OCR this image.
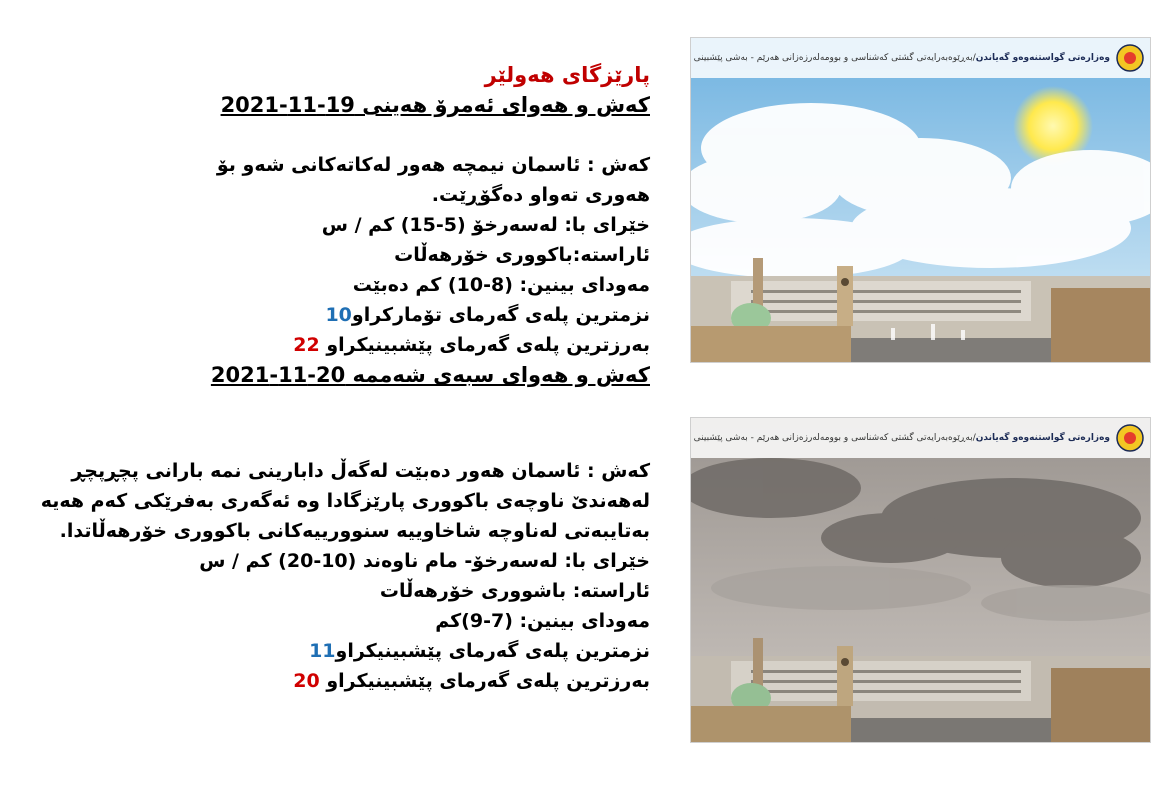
پارێزگای هەولێر
کەش و هەوای ئەمرۆ هەینی 19-11-2021
کەش : ئاسمان نیمچە هەور لەکاتەکانی شەو بۆ
هەوری تەواو دەگۆڕێت.
خێرای با: لەسەرخۆ (5-15) کم / س
ئاراستە:باکووری خۆرهەڵات
مەودای بینین: (8-10) کم دەبێت
نزمترین پلەی گەرمای تۆمارکراو10
بەرزترین پلەی گەرمای پێشبینیکراو 22
کەش و هەوای سبەی شەممە 20-11-2021
کەش : ئاسمان هەور دەبێت لەگەڵ دابارینی نمە بارانی پچڕپچڕ لەهەندێ ناوچەی باکووری پارێزگادا وە ئەگەری بەفرێکی کەم هەیە بەتایبەتی لەناوچە شاخاوییە سنوورییەکانی باکووری خۆرهەڵاتدا.
خێرای با: لەسەرخۆ- مام ناوەند (10-20) کم / س
ئاراستە: باشووری خۆرهەڵات
مەودای بینین: (7-9)کم
نزمترین پلەی گەرمای پێشبینیکراو11
بەرزترین پلەی گەرمای پێشبینیکراو 20
وەزارەتی گواستنەوەو گەیاندن
/
بەڕێوەبەرایەتی گشتی کەشناسی و بوومەلەرزەزانی هەرێم - بەشی پێشبینی
وەزارەتی گواستنەوەو گەیاندن
/
بەڕێوەبەرایەتی گشتی کەشناسی و بوومەلەرزەزانی هەرێم - بەشی پێشبینی
